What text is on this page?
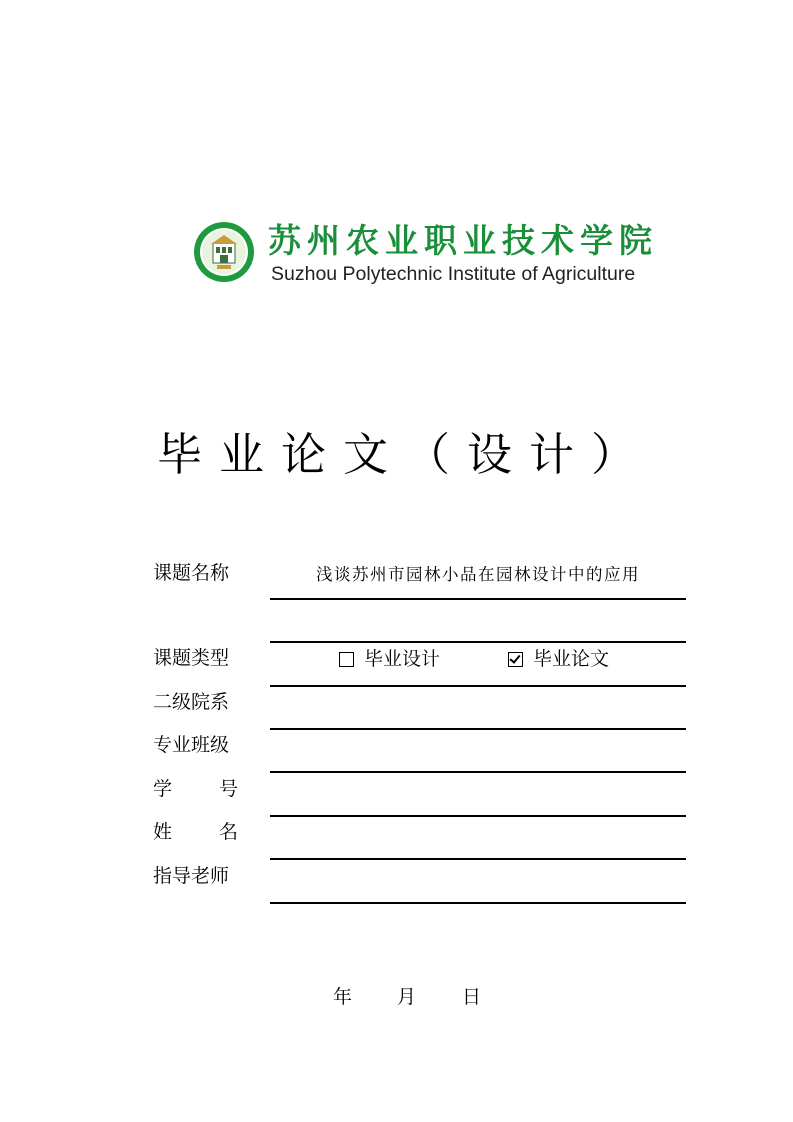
苏州农业职业技术学院
Suzhou Polytechnic Institute of Agriculture
毕业论文（设计）
课题名称	浅谈苏州市园林小品在园林设计中的应用
课题类型	毕业设计	毕业论文
二级院系
专业班级
学 号
姓 名
指导老师
年 月 日
